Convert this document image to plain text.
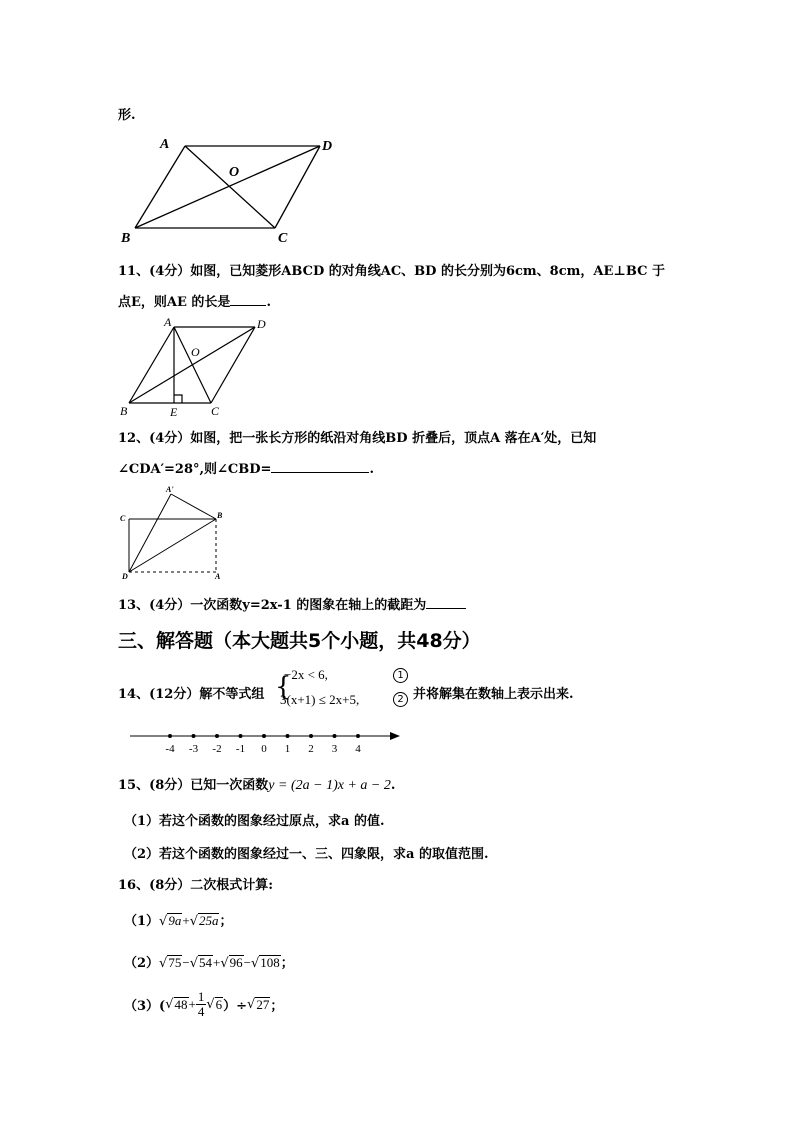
形.
A	D
O
B	C
11、(4分）如图，已知菱形ABCD 的对角线AC、BD 的长分别为6cm、8cm，AE⊥BC 于
点E，则AE 的长是	.
A	D
O
B	E	C
12、(4分）如图，把一张长方形的纸沿对角线BD 折叠后，顶点A 落在A′处，已知
∠CDA′=28°,则∠CBD=	.
A'
C	B
D	A
13、(4分）一次函数y=2x-1 的图象在轴上的截距为
三、解答题（本大题共5个小题，共48分）
14、(12分）解不等式组 {
−2x < 6,
3(x+1) ≤ 2x+5,
1
2 并将解集在数轴上表示出来.
-4 -3 -2 -1 0 1 2 3 4
15、(8分）已知一次函数y = (2a − 1)x + a − 2.
（1）若这个函数的图象经过原点，求a 的值.
（2）若这个函数的图象经过一、三、四象限，求a 的取值范围.
16、(8分）二次根式计算:
（1）√9a+√25a；
（2）√75−√54+√96−√108；
$(3)(√48+ \frac{1}{4} √6)\div√27$；
